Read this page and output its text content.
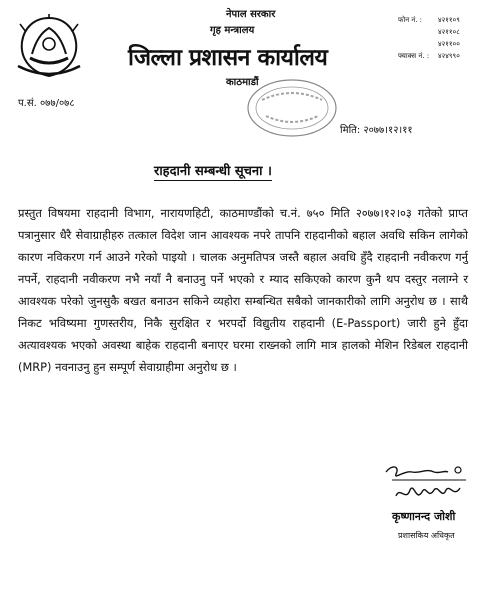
नेपाल सरकार
गृह मन्त्रालय
जिल्ला प्रशासन कार्यालय
काठमाडौं
फोन नं. :	४२११०९
४२११०८
४२११००
फ्याक्स नं. : ४२४९९०
प.सं. ०७७/०७८
मिति: २०७७।१२।११
राहदानी सम्बन्धी सूचना ।
प्रस्तुत विषयमा राहदानी विभाग, नारायणहिटी, काठमाण्डौंको च.नं. ७५० मिति २०७७।१२।०३ गतेको प्राप्त पत्रानुसार धैरै सेवाग्राहीहरु तत्काल विदेश जान आवश्यक नपरे तापनि राहदानीको बहाल अवधि सकिन लागेको कारण नविकरण गर्न आउने गरेको पाइयो । चालक अनुमतिपत्र जस्तै बहाल अवधि हुँदै राहदानी नवीकरण गर्नु नपर्ने, राहदानी नवीकरण नभै नयाँ नै बनाउनु पर्ने भएको र म्याद सकिएको कारण कुनै थप दस्तुर नलाग्ने र आवश्यक परेको जुनसुकै बखत बनाउन सकिने व्यहोरा सम्बन्धित सबैको जानकारीको लागि अनुरोध छ । साथै निकट भविष्यमा गुणस्तरीय, निकै सुरक्षित र भरपर्दो विद्युतीय राहदानी (E-Passport) जारी हुने हुँदा अत्यावश्यक भएको अवस्था बाहेक राहदानी बनाएर घरमा राख्नको लागि मात्र हालको मेशिन रिडेबल राहदानी (MRP) नवनाउनु हुन सम्पूर्ण सेवाग्राहीमा अनुरोध छ ।
कृष्णानन्द जोशी
प्रशासकिय अधिकृत
